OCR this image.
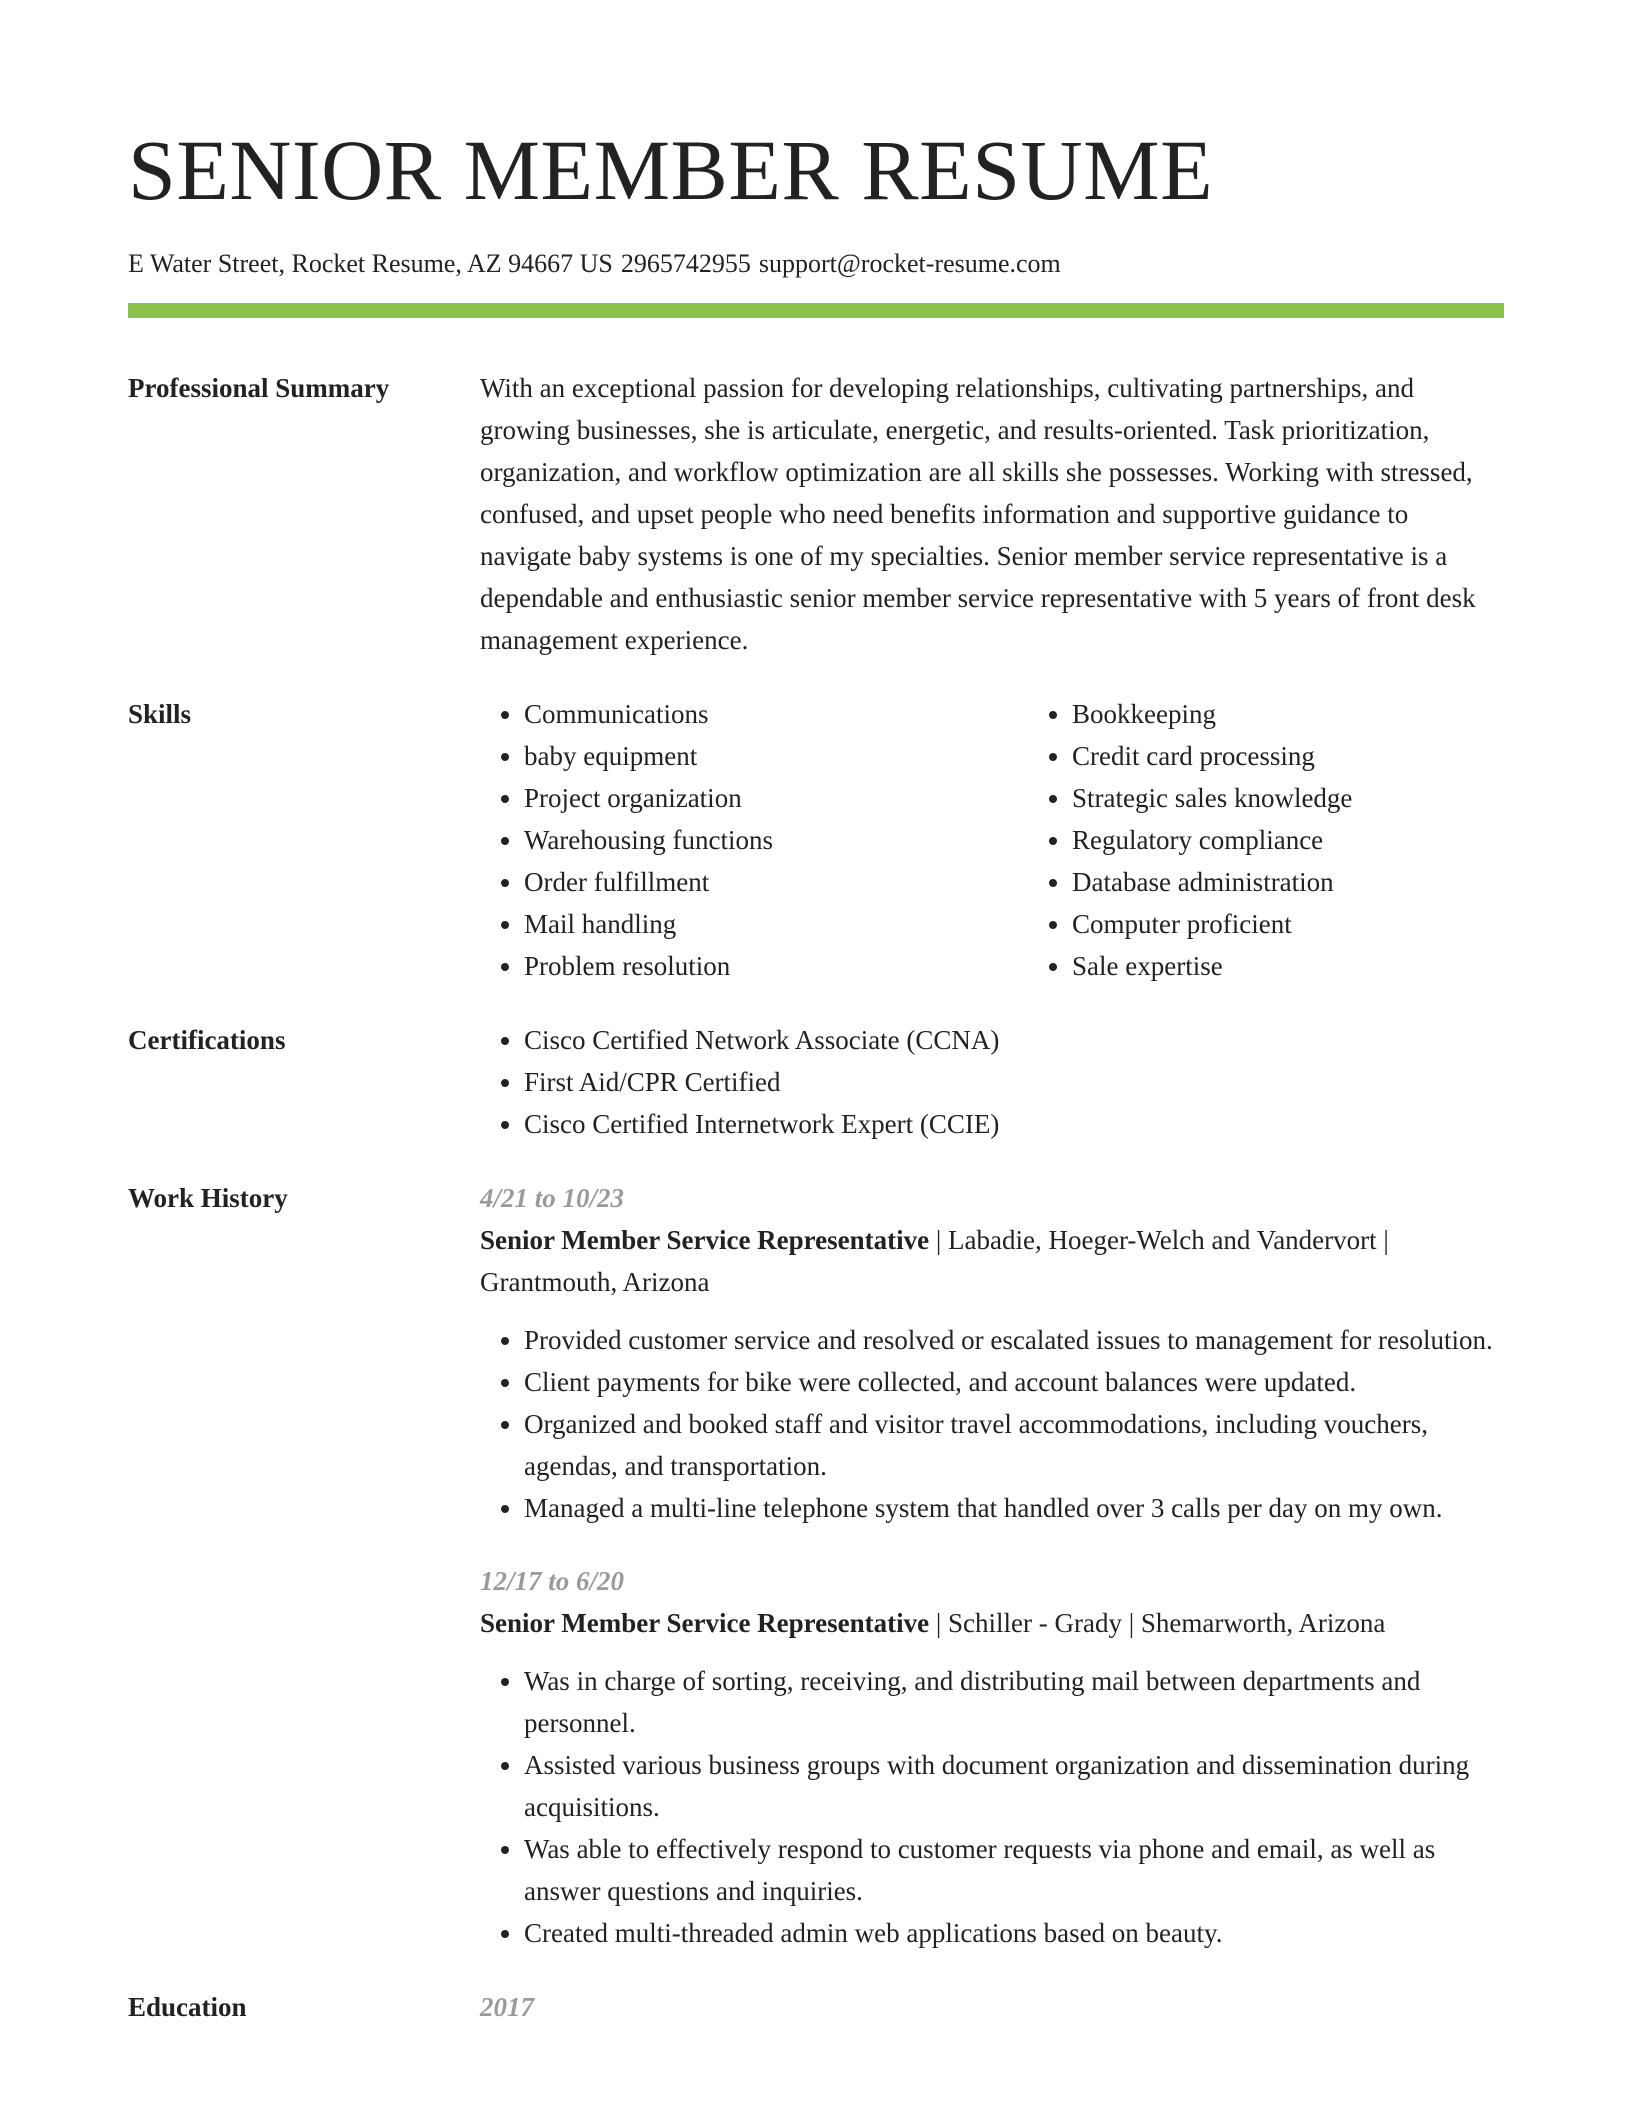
SENIOR MEMBER RESUME
E Water Street, Rocket Resume, AZ 94667 US 2965742955 support@rocket-resume.com
Professional Summary	With an exceptional passion for developing relationships, cultivating partnerships, and growing businesses, she is articulate, energetic, and results-oriented. Task prioritization, organization, and workflow optimization are all skills she possesses. Working with stressed, confused, and upset people who need benefits information and supportive guidance to navigate baby systems is one of my specialties. Senior member service representative is a dependable and enthusiastic senior member service representative with 5 years of front desk management experience.

Skills	• Communications
• baby equipment
• Project organization
• Warehousing functions
• Order fulfillment
• Mail handling
• Problem resolution
• Bookkeeping
• Credit card processing
• Strategic sales knowledge
• Regulatory compliance
• Database administration
• Computer proficient
• Sale expertise
Certifications	• Cisco Certified Network Associate (CCNA)
• First Aid/CPR Certified
• Cisco Certified Internetwork Expert (CCIE)
Work History	4/21 to 10/23
Senior Member Service Representative | Labadie, Hoeger-Welch and Vandervort | Grantmouth, Arizona
• Provided customer service and resolved or escalated issues to management for resolution.
• Client payments for bike were collected, and account balances were updated.
• Organized and booked staff and visitor travel accommodations, including vouchers, agendas, and transportation.
• Managed a multi-line telephone system that handled over 3 calls per day on my own.
12/17 to 6/20
Senior Member Service Representative | Schiller - Grady | Shemarworth, Arizona
• Was in charge of sorting, receiving, and distributing mail between departments and personnel.
• Assisted various business groups with document organization and dissemination during acquisitions.
• Was able to effectively respond to customer requests via phone and email, as well as answer questions and inquiries.
• Created multi-threaded admin web applications based on beauty.
Education	2017
